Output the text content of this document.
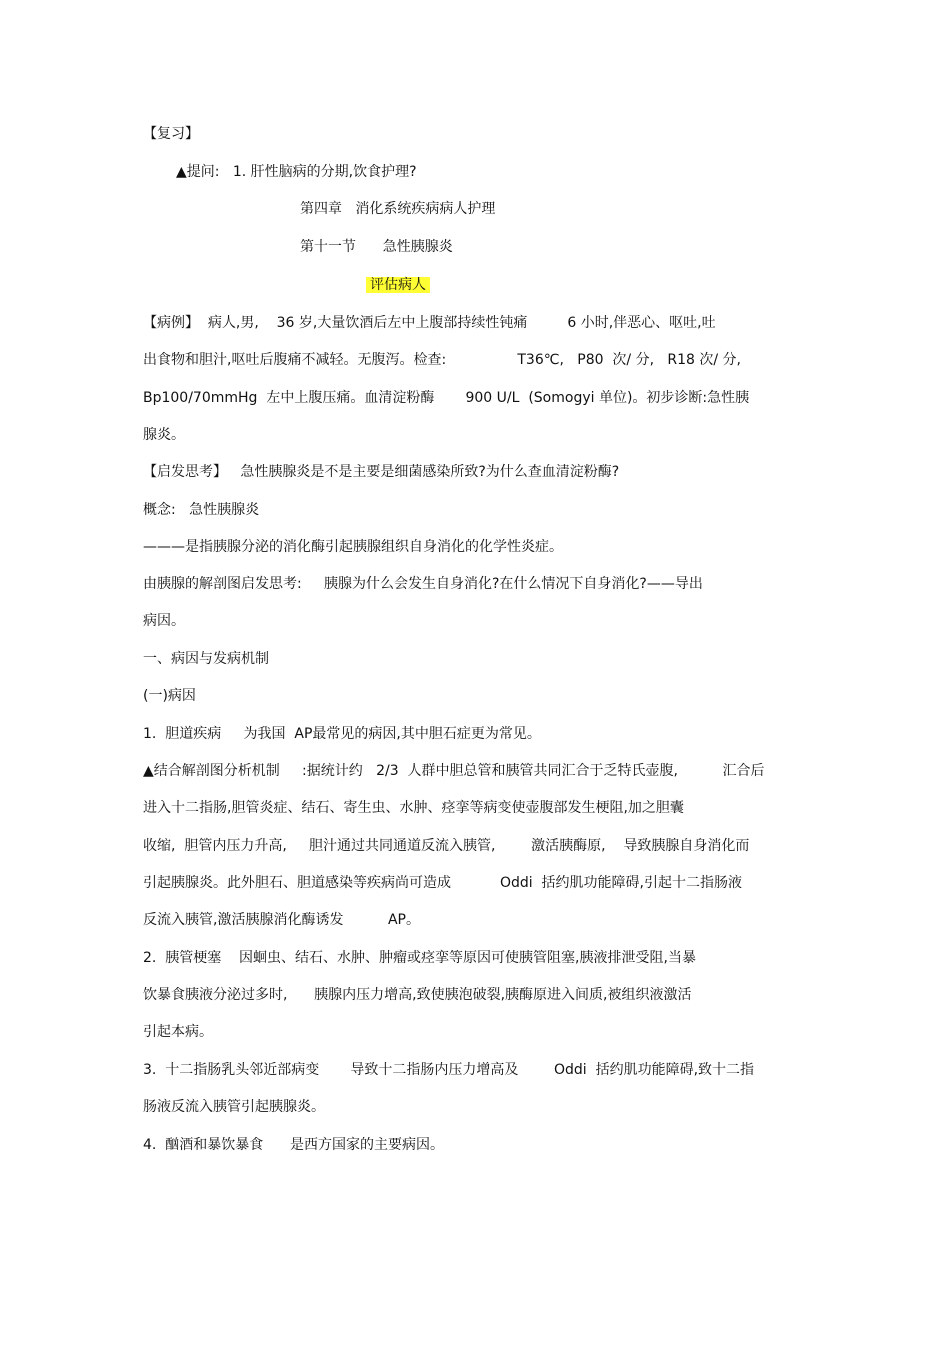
【复习】
▲提问:   1. 肝性脑病的分期,饮食护理?
第四章   消化系统疾病病人护理
第十一节      急性胰腺炎
评估病人
【病例】  病人,男,    36 岁,大量饮酒后左中上腹部持续性钝痛         6 小时,伴恶心、呕吐,吐
出食物和胆汁,呕吐后腹痛不减轻。无腹泻。检查:                T36℃,   P80  次/ 分,   R18 次/ 分,
Bp100/70mmHg  左中上腹压痛。血清淀粉酶       900 U/L  (Somogyi 单位)。初步诊断:急性胰
腺炎。
【启发思考】   急性胰腺炎是不是主要是细菌感染所致?为什么查血清淀粉酶?
概念:   急性胰腺炎
———是指胰腺分泌的消化酶引起胰腺组织自身消化的化学性炎症。
由胰腺的解剖图启发思考:     胰腺为什么会发生自身消化?在什么情况下自身消化?——导出
病因。
一、病因与发病机制
(一)病因
1.  胆道疾病     为我国  AP最常见的病因,其中胆石症更为常见。
▲结合解剖图分析机制     :据统计约   2/3  人群中胆总管和胰管共同汇合于乏特氏壶腹,          汇合后
进入十二指肠,胆管炎症、结石、寄生虫、水肿、痉挛等病变使壶腹部发生梗阻,加之胆囊
收缩,  胆管内压力升高,     胆汁通过共同通道反流入胰管,        激活胰酶原,    导致胰腺自身消化而
引起胰腺炎。此外胆石、胆道感染等疾病尚可造成           Oddi  括约肌功能障碍,引起十二指肠液
反流入胰管,激活胰腺消化酶诱发          AP。
2.  胰管梗塞    因蛔虫、结石、水肿、肿瘤或痉挛等原因可使胰管阻塞,胰液排泄受阻,当暴
饮暴食胰液分泌过多时,      胰腺内压力增高,致使胰泡破裂,胰酶原进入间质,被组织液激活
引起本病。
3.  十二指肠乳头邻近部病变       导致十二指肠内压力增高及        Oddi  括约肌功能障碍,致十二指
肠液反流入胰管引起胰腺炎。
4.  酗酒和暴饮暴食      是西方国家的主要病因。
